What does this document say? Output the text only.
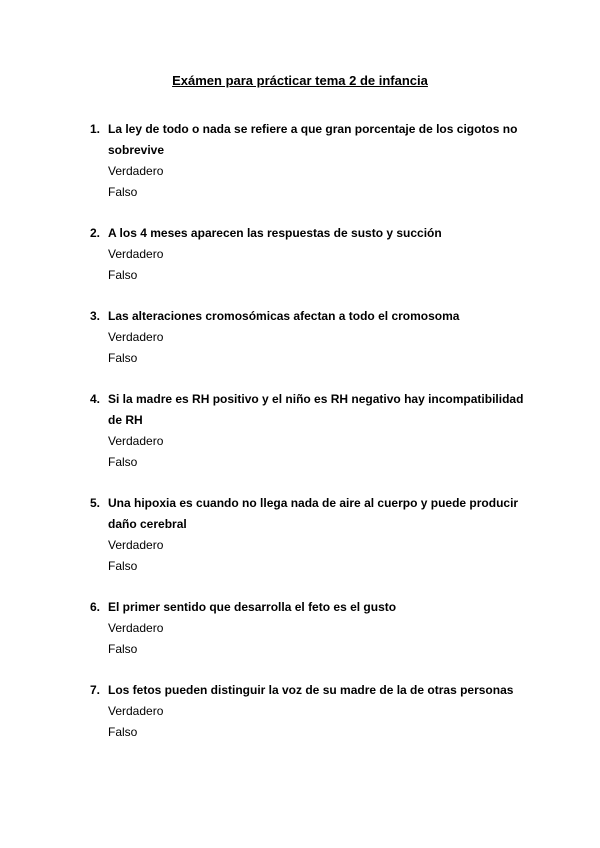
Exámen para prácticar tema 2 de infancia
1. La ley de todo o nada se refiere a que gran porcentaje de los cigotos no sobrevive
Verdadero
Falso
2. A los 4 meses aparecen las respuestas de susto y succión
Verdadero
Falso
3. Las alteraciones cromosómicas afectan a todo el cromosoma
Verdadero
Falso
4. Si la madre es RH positivo y el niño es RH negativo hay incompatibilidad de RH
Verdadero
Falso
5. Una hipoxia es cuando no llega nada de aire al cuerpo y puede producir daño cerebral
Verdadero
Falso
6. El primer sentido que desarrolla el feto es el gusto
Verdadero
Falso
7. Los fetos pueden distinguir la voz de su madre de la de otras personas
Verdadero
Falso
